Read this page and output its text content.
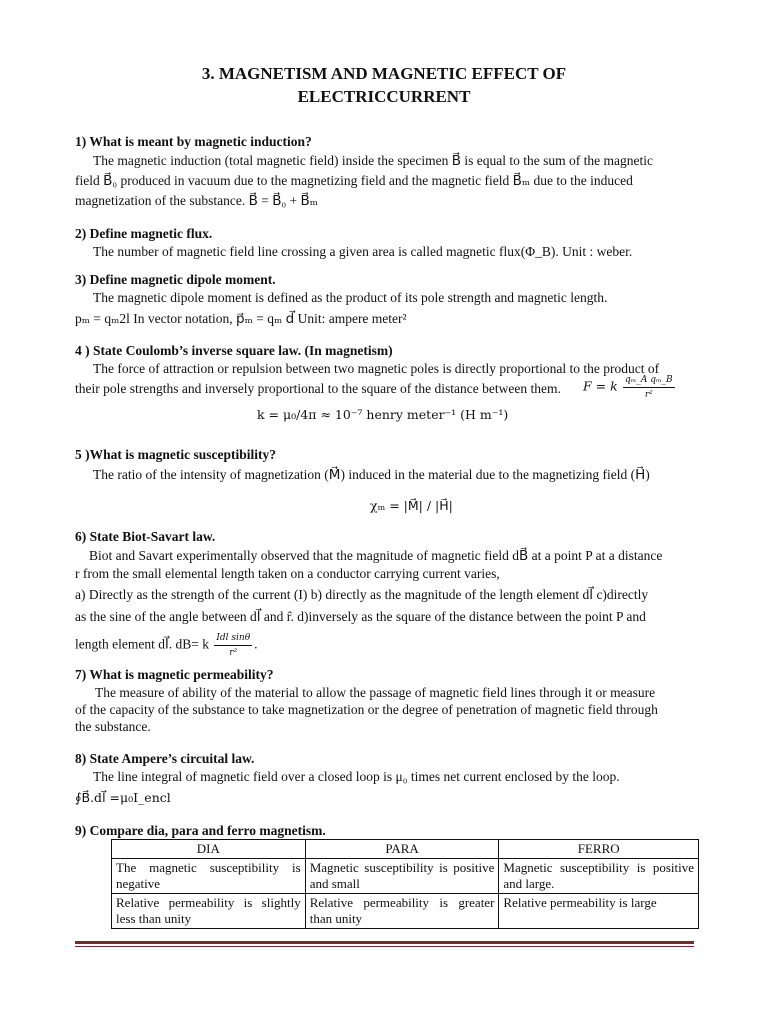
3. MAGNETISM AND MAGNETIC EFFECT OF
ELECTRICCURRENT
1) What is meant by magnetic induction?
The magnetic induction (total magnetic field) inside the specimen B⃗ is equal to the sum of the magnetic
field B⃗₀ produced in vacuum due to the magnetizing field and the magnetic field B⃗ₘ due to the induced
magnetization of the substance. B⃗ = B⃗₀ + B⃗ₘ
2) Define magnetic flux.
The number of magnetic field line crossing a given area is called magnetic flux(Φ_B). Unit : weber.
3) Define magnetic dipole moment.
The magnetic dipole moment is defined as the product of its pole strength and magnetic length.
pₘ = qₘ2l In vector notation, p⃗ₘ = qₘ d⃗ Unit: ampere meter²
4 ) State Coulomb’s inverse square law. (In magnetism)
The force of attraction or repulsion between two magnetic poles is directly proportional to the product of
their pole strengths and inversely proportional to the square of the distance between them. F = k $\frac{\text{qₘ\_A qₘ\_B}}{\text{r²}}$
k = μ₀/4π ≈ 10⁻⁷ henry meter⁻¹ (H m⁻¹)
5 )What is magnetic susceptibility?
The ratio of the intensity of magnetization (M⃗) induced in the material due to the magnetizing field (H⃗)
χₘ = |M⃗| / |H⃗|
6) State Biot-Savart law.
Biot and Savart experimentally observed that the magnitude of magnetic field dB⃗ at a point P at a distance
r from the small elemental length taken on a conductor carrying current varies,
a) Directly as the strength of the current (I) b) directly as the magnitude of the length element dl⃗ c)directly
as the sine of the angle between dl⃗ and r̂. d)inversely as the square of the distance between the point P and
length element dl⃗. dB= k $\frac{\text{Idl sinθ}}{\text{r²}}$ .
7) What is magnetic permeability?
The measure of ability of the material to allow the passage of magnetic field lines through it or measure
of the capacity of the substance to take magnetization or the degree of penetration of magnetic field through
the substance.
8) State Ampere’s circuital law.
The line integral of magnetic field over a closed loop is μ₀ times net current enclosed by the loop.
∮B⃗.dl⃗ =μ₀I_encl
9) Compare dia, para and ferro magnetism.
DIA	PARA	FERRO
The magnetic susceptibility is negative	Magnetic susceptibility is positive and small	Magnetic susceptibility is positive and large.
Relative permeability is slightly less than unity	Relative permeability is greater than unity	Relative permeability is large
